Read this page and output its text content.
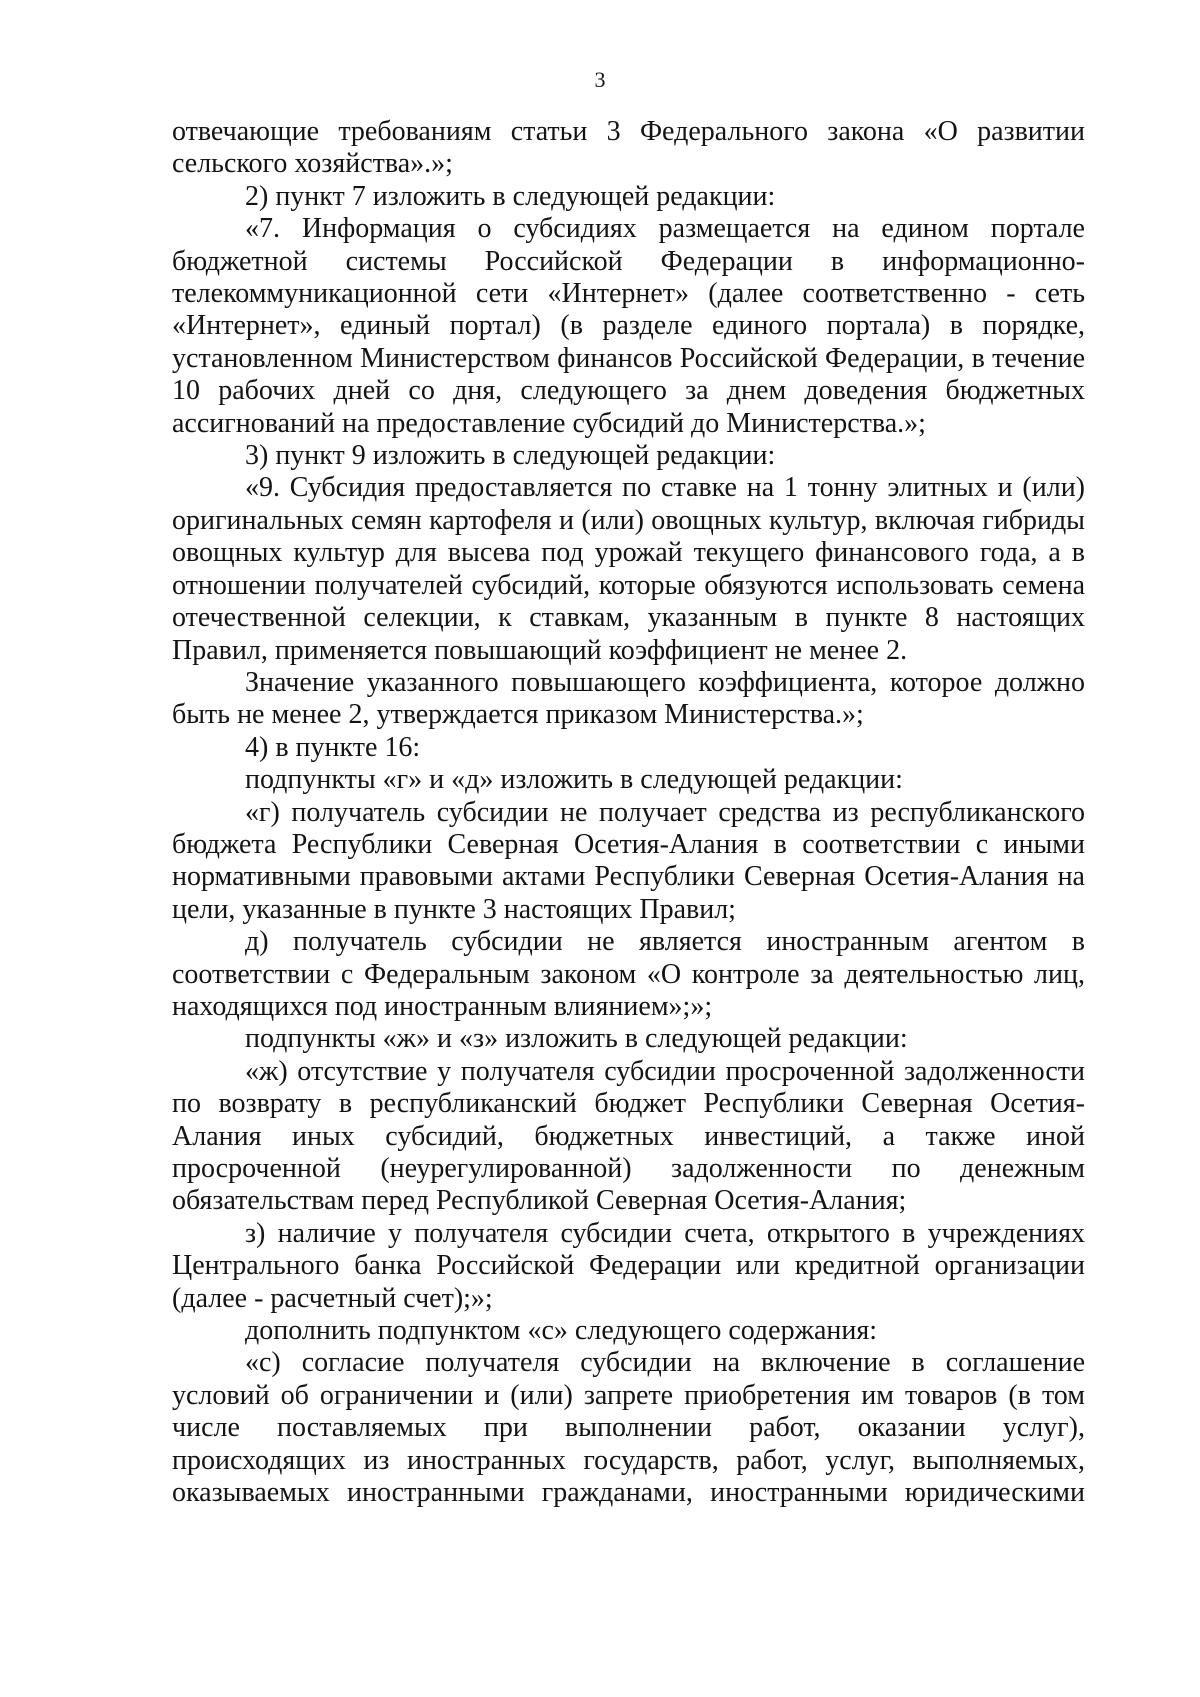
3

отвечающие требованиям статьи 3 Федерального закона «О развитии сельского хозяйства».»;

2) пункт 7 изложить в следующей редакции:

«7. Информация о субсидиях размещается на едином портале бюджетной системы Российской Федерации в информационно-телекоммуникационной сети «Интернет» (далее соответственно - сеть «Интернет», единый портал) (в разделе единого портала) в порядке, установленном Министерством финансов Российской Федерации, в течение 10 рабочих дней со дня, следующего за днем доведения бюджетных ассигнований на предоставление субсидий до Министерства.»;

3) пункт 9 изложить в следующей редакции:

«9. Субсидия предоставляется по ставке на 1 тонну элитных и (или) оригинальных семян картофеля и (или) овощных культур, включая гибриды овощных культур для высева под урожай текущего финансового года, а в отношении получателей субсидий, которые обязуются использовать семена отечественной селекции, к ставкам, указанным в пункте 8 настоящих Правил, применяется повышающий коэффициент не менее 2.

Значение указанного повышающего коэффициента, которое должно быть не менее 2, утверждается приказом Министерства.»;

4) в пункте 16:

подпункты «г» и «д» изложить в следующей редакции:

«г) получатель субсидии не получает средства из республиканского бюджета Республики Северная Осетия-Алания в соответствии с иными нормативными правовыми актами Республики Северная Осетия-Алания на цели, указанные в пункте 3 настоящих Правил;

д) получатель субсидии не является иностранным агентом в соответствии с Федеральным законом «О контроле за деятельностью лиц, находящихся под иностранным влиянием»;»;

подпункты «ж» и «з» изложить в следующей редакции:

«ж) отсутствие у получателя субсидии просроченной задолженности по возврату в республиканский бюджет Республики Северная Осетия-Алания иных субсидий, бюджетных инвестиций, а также иной просроченной (неурегулированной) задолженности по денежным обязательствам перед Республикой Северная Осетия-Алания;

з) наличие у получателя субсидии счета, открытого в учреждениях Центрального банка Российской Федерации или кредитной организации (далее - расчетный счет);»;

дополнить подпунктом «с» следующего содержания:

«с) согласие получателя субсидии на включение в соглашение условий об ограничении и (или) запрете приобретения им товаров (в том числе поставляемых при выполнении работ, оказании услуг), происходящих из иностранных государств, работ, услуг, выполняемых, оказываемых иностранными гражданами, иностранными юридическими
